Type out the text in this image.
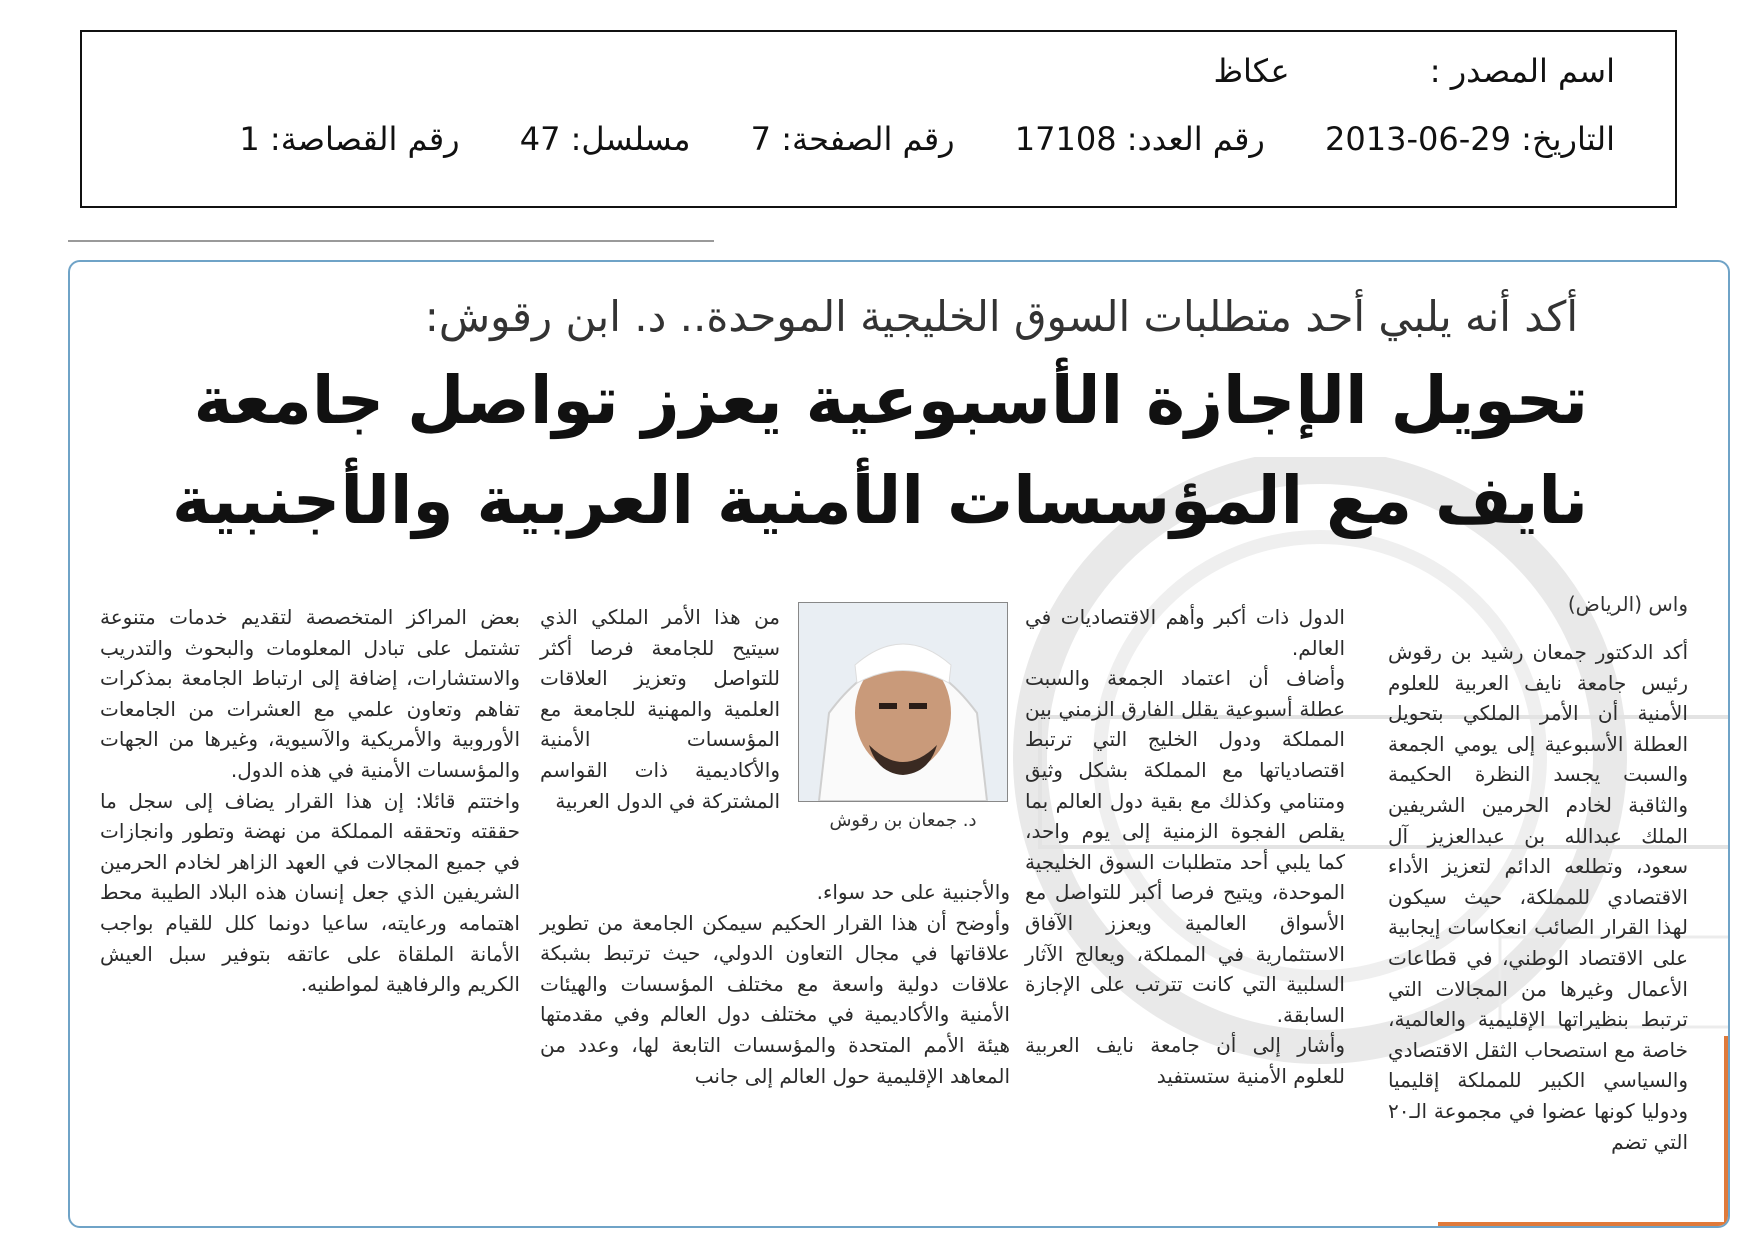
اسم المصدر : عكاظ
التاريخ: 29-06-2013 رقم العدد: 17108 رقم الصفحة: 7 مسلسل: 47 رقم القصاصة: 1
أكد أنه يلبي أحد متطلبات السوق الخليجية الموحدة.. د. ابن رقوش:
تحويل الإجازة الأسبوعية يعزز تواصل جامعة
نايف مع المؤسسات الأمنية العربية والأجنبية
واس (الرياض)

أكد الدكتور جمعان رشيد بن رقوش رئيس جامعة نايف العربية للعلوم الأمنية أن الأمر الملكي بتحويل العطلة الأسبوعية إلى يومي الجمعة والسبت يجسد النظرة الحكيمة والثاقبة لخادم الحرمين الشريفين الملك عبدالله بن عبدالعزيز آل سعود، وتطلعه الدائم لتعزيز الأداء الاقتصادي للمملكة، حيث سيكون لهذا القرار الصائب انعكاسات إيجابية على الاقتصاد الوطني، في قطاعات الأعمال وغيرها من المجالات التي ترتبط بنظيراتها الإقليمية والعالمية، خاصة مع استصحاب الثقل الاقتصادي والسياسي الكبير للمملكة إقليميا ودوليا كونها عضوا في مجموعة الـ٢٠ التي تضم

الدول ذات أكبر وأهم الاقتصاديات في العالم.

وأضاف أن اعتماد الجمعة والسبت عطلة أسبوعية يقلل الفارق الزمني بين المملكة ودول الخليج التي ترتبط اقتصادياتها مع المملكة بشكل وثيق ومتنامي وكذلك مع بقية دول العالم بما يقلص الفجوة الزمنية إلى يوم واحد، كما يلبي أحد متطلبات السوق الخليجية الموحدة، ويتيح فرصا أكبر للتواصل مع الأسواق العالمية ويعزز الآفاق الاستثمارية في المملكة، ويعالج الآثار السلبية التي كانت تترتب على الإجازة السابقة.

وأشار إلى أن جامعة نايف العربية للعلوم الأمنية ستستفيد

د. جمعان بن رقوش

من هذا الأمر الملكي الذي سيتيح للجامعة فرصا أكثر للتواصل وتعزيز العلاقات العلمية والمهنية للجامعة مع المؤسسات الأمنية والأكاديمية ذات القواسم المشتركة في الدول العربية

والأجنبية على حد سواء.

وأوضح أن هذا القرار الحكيم سيمكن الجامعة من تطوير علاقاتها في مجال التعاون الدولي، حيث ترتبط بشبكة علاقات دولية واسعة مع مختلف المؤسسات والهيئات الأمنية والأكاديمية في مختلف دول العالم وفي مقدمتها هيئة الأمم المتحدة والمؤسسات التابعة لها، وعدد من المعاهد الإقليمية حول العالم إلى جانب

بعض المراكز المتخصصة لتقديم خدمات متنوعة تشتمل على تبادل المعلومات والبحوث والتدريب والاستشارات، إضافة إلى ارتباط الجامعة بمذكرات تفاهم وتعاون علمي مع العشرات من الجامعات الأوروبية والأمريكية والآسيوية، وغيرها من الجهات والمؤسسات الأمنية في هذه الدول.

واختتم قائلا: إن هذا القرار يضاف إلى سجل ما حققته وتحققه المملكة من نهضة وتطور وانجازات في جميع المجالات في العهد الزاهر لخادم الحرمين الشريفين الذي جعل إنسان هذه البلاد الطيبة محط اهتمامه ورعايته، ساعيا دونما كلل للقيام بواجب الأمانة الملقاة على عاتقه بتوفير سبل العيش الكريم والرفاهية لمواطنيه.
